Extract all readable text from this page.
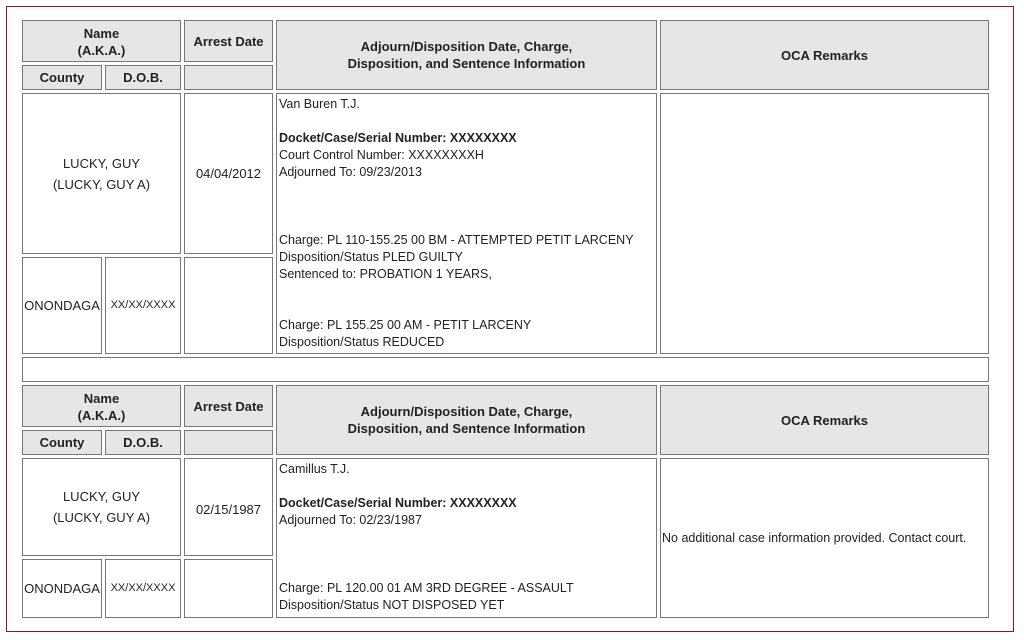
Name
(A.K.A.)
Arrest Date
County	D.O.B.
Adjourn/Disposition Date, Charge,
Disposition, and Sentence Information
OCA Remarks
LUCKY, GUY
(LUCKY, GUY A)
04/04/2012
ONONDAGA XX/XX/XXXX
Van Buren T.J.
Docket/Case/Serial Number: XXXXXXXX
Court Control Number: XXXXXXXXH
Adjourned To: 09/23/2013
Charge: PL 110-155.25 00 BM - ATTEMPTED PETIT LARCENY
Disposition/Status PLED GUILTY
Sentenced to: PROBATION 1 YEARS,
Charge: PL 155.25 00 AM - PETIT LARCENY
Disposition/Status REDUCED
Name
(A.K.A.)
Arrest Date
County	D.O.B.
Adjourn/Disposition Date, Charge,
Disposition, and Sentence Information
OCA Remarks
LUCKY, GUY
(LUCKY, GUY A)
02/15/1987
ONONDAGA XX/XX/XXXX
Camillus T.J.
Docket/Case/Serial Number: XXXXXXXX
Adjourned To: 02/23/1987
Charge: PL 120.00 01 AM 3RD DEGREE - ASSAULT
Disposition/Status NOT DISPOSED YET
No additional case information provided. Contact court.
